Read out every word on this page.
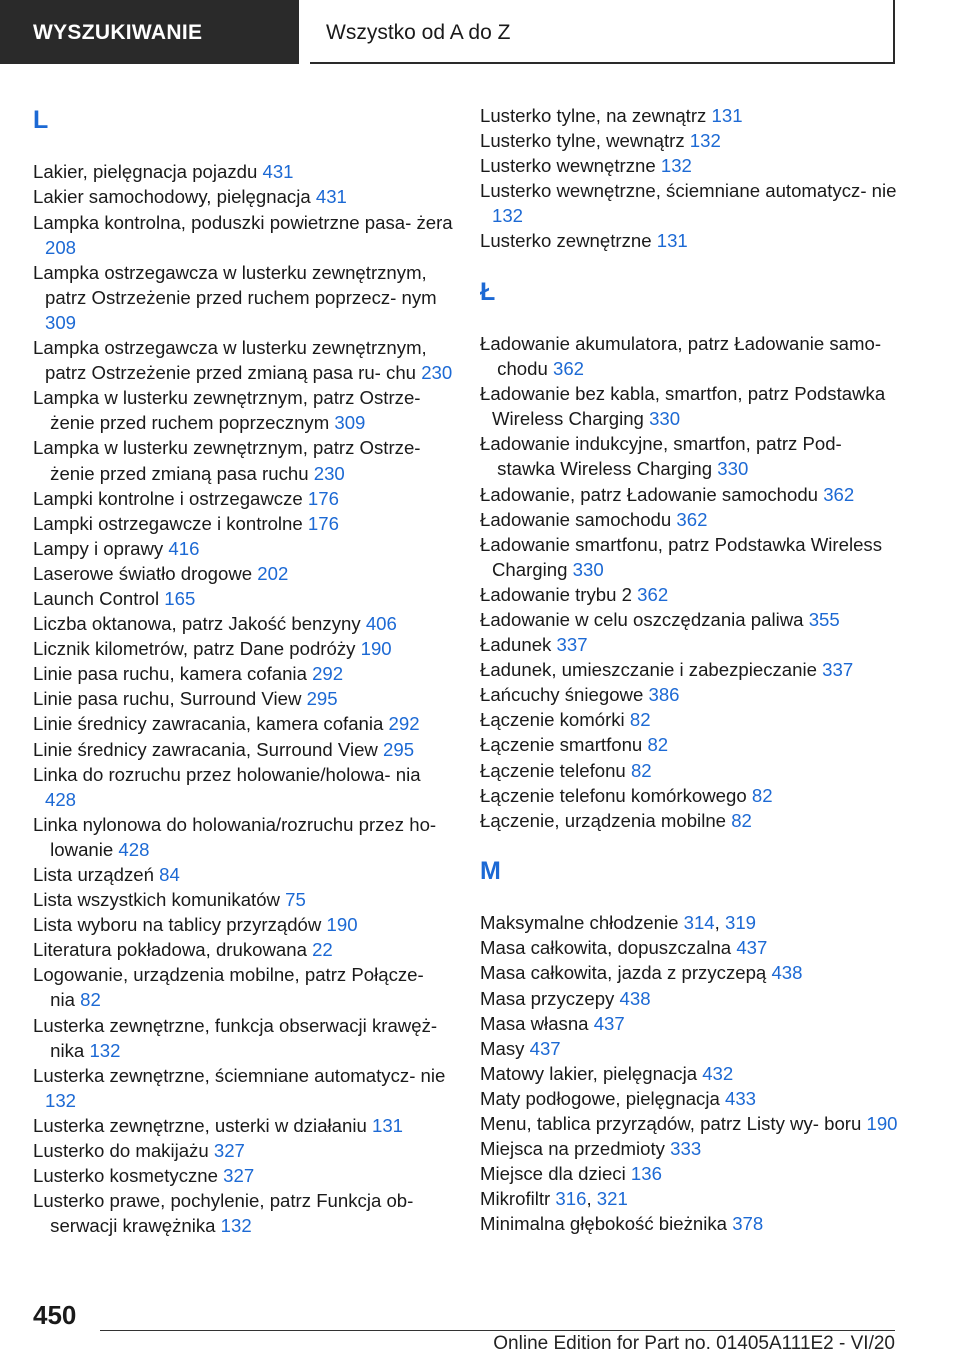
WYSZUKIWANIE	Wszystko od A do Z
L
Lakier, pielęgnacja pojazdu 431
Lakier samochodowy, pielęgnacja 431
Lampka kontrolna, poduszki powietrzne pasa- żera 208
Lampka ostrzegawcza w lusterku zewnętrznym, patrz Ostrzeżenie przed ruchem poprzecz- nym 309
Lampka ostrzegawcza w lusterku zewnętrznym, patrz Ostrzeżenie przed zmianą pasa ru- chu 230
Lampka w lusterku zewnętrznym, patrz Ostrze- żenie przed ruchem poprzecznym 309
Lampka w lusterku zewnętrznym, patrz Ostrze- żenie przed zmianą pasa ruchu 230
Lampki kontrolne i ostrzegawcze 176
Lampki ostrzegawcze i kontrolne 176
Lampy i oprawy 416
Laserowe światło drogowe 202
Launch Control 165
Liczba oktanowa, patrz Jakość benzyny 406
Licznik kilometrów, patrz Dane podróży 190
Linie pasa ruchu, kamera cofania 292
Linie pasa ruchu, Surround View 295
Linie średnicy zawracania, kamera cofania 292
Linie średnicy zawracania, Surround View 295
Linka do rozruchu przez holowanie/holowa- nia 428
Linka nylonowa do holowania/rozruchu przez ho- lowanie 428
Lista urządzeń 84
Lista wszystkich komunikatów 75
Lista wyboru na tablicy przyrządów 190
Literatura pokładowa, drukowana 22
Logowanie, urządzenia mobilne, patrz Połącze- nia 82
Lusterka zewnętrzne, funkcja obserwacji krawęż- nika 132
Lusterka zewnętrzne, ściemniane automatycz- nie 132
Lusterka zewnętrzne, usterki w działaniu 131
Lusterko do makijażu 327
Lusterko kosmetyczne 327
Lusterko prawe, pochylenie, patrz Funkcja ob- serwacji krawężnika 132
Lusterko tylne, na zewnątrz 131
Lusterko tylne, wewnątrz 132
Lusterko wewnętrzne 132
Lusterko wewnętrzne, ściemniane automatycz- nie 132
Lusterko zewnętrzne 131
Ł
Ładowanie akumulatora, patrz Ładowanie samo- chodu 362
Ładowanie bez kabla, smartfon, patrz Podstawka Wireless Charging 330
Ładowanie indukcyjne, smartfon, patrz Pod- stawka Wireless Charging 330
Ładowanie, patrz Ładowanie samochodu 362
Ładowanie samochodu 362
Ładowanie smartfonu, patrz Podstawka Wireless Charging 330
Ładowanie trybu 2 362
Ładowanie w celu oszczędzania paliwa 355
Ładunek 337
Ładunek, umieszczanie i zabezpieczanie 337
Łańcuchy śniegowe 386
Łączenie komórki 82
Łączenie smartfonu 82
Łączenie telefonu 82
Łączenie telefonu komórkowego 82
Łączenie, urządzenia mobilne 82
M
Maksymalne chłodzenie 314, 319
Masa całkowita, dopuszczalna 437
Masa całkowita, jazda z przyczepą 438
Masa przyczepy 438
Masa własna 437
Masy 437
Matowy lakier, pielęgnacja 432
Maty podłogowe, pielęgnacja 433
Menu, tablica przyrządów, patrz Listy wy- boru 190
Miejsca na przedmioty 333
Miejsce dla dzieci 136
Mikrofiltr 316, 321
Minimalna głębokość bieżnika 378
450
Online Edition for Part no. 01405A111E2 - VI/20
